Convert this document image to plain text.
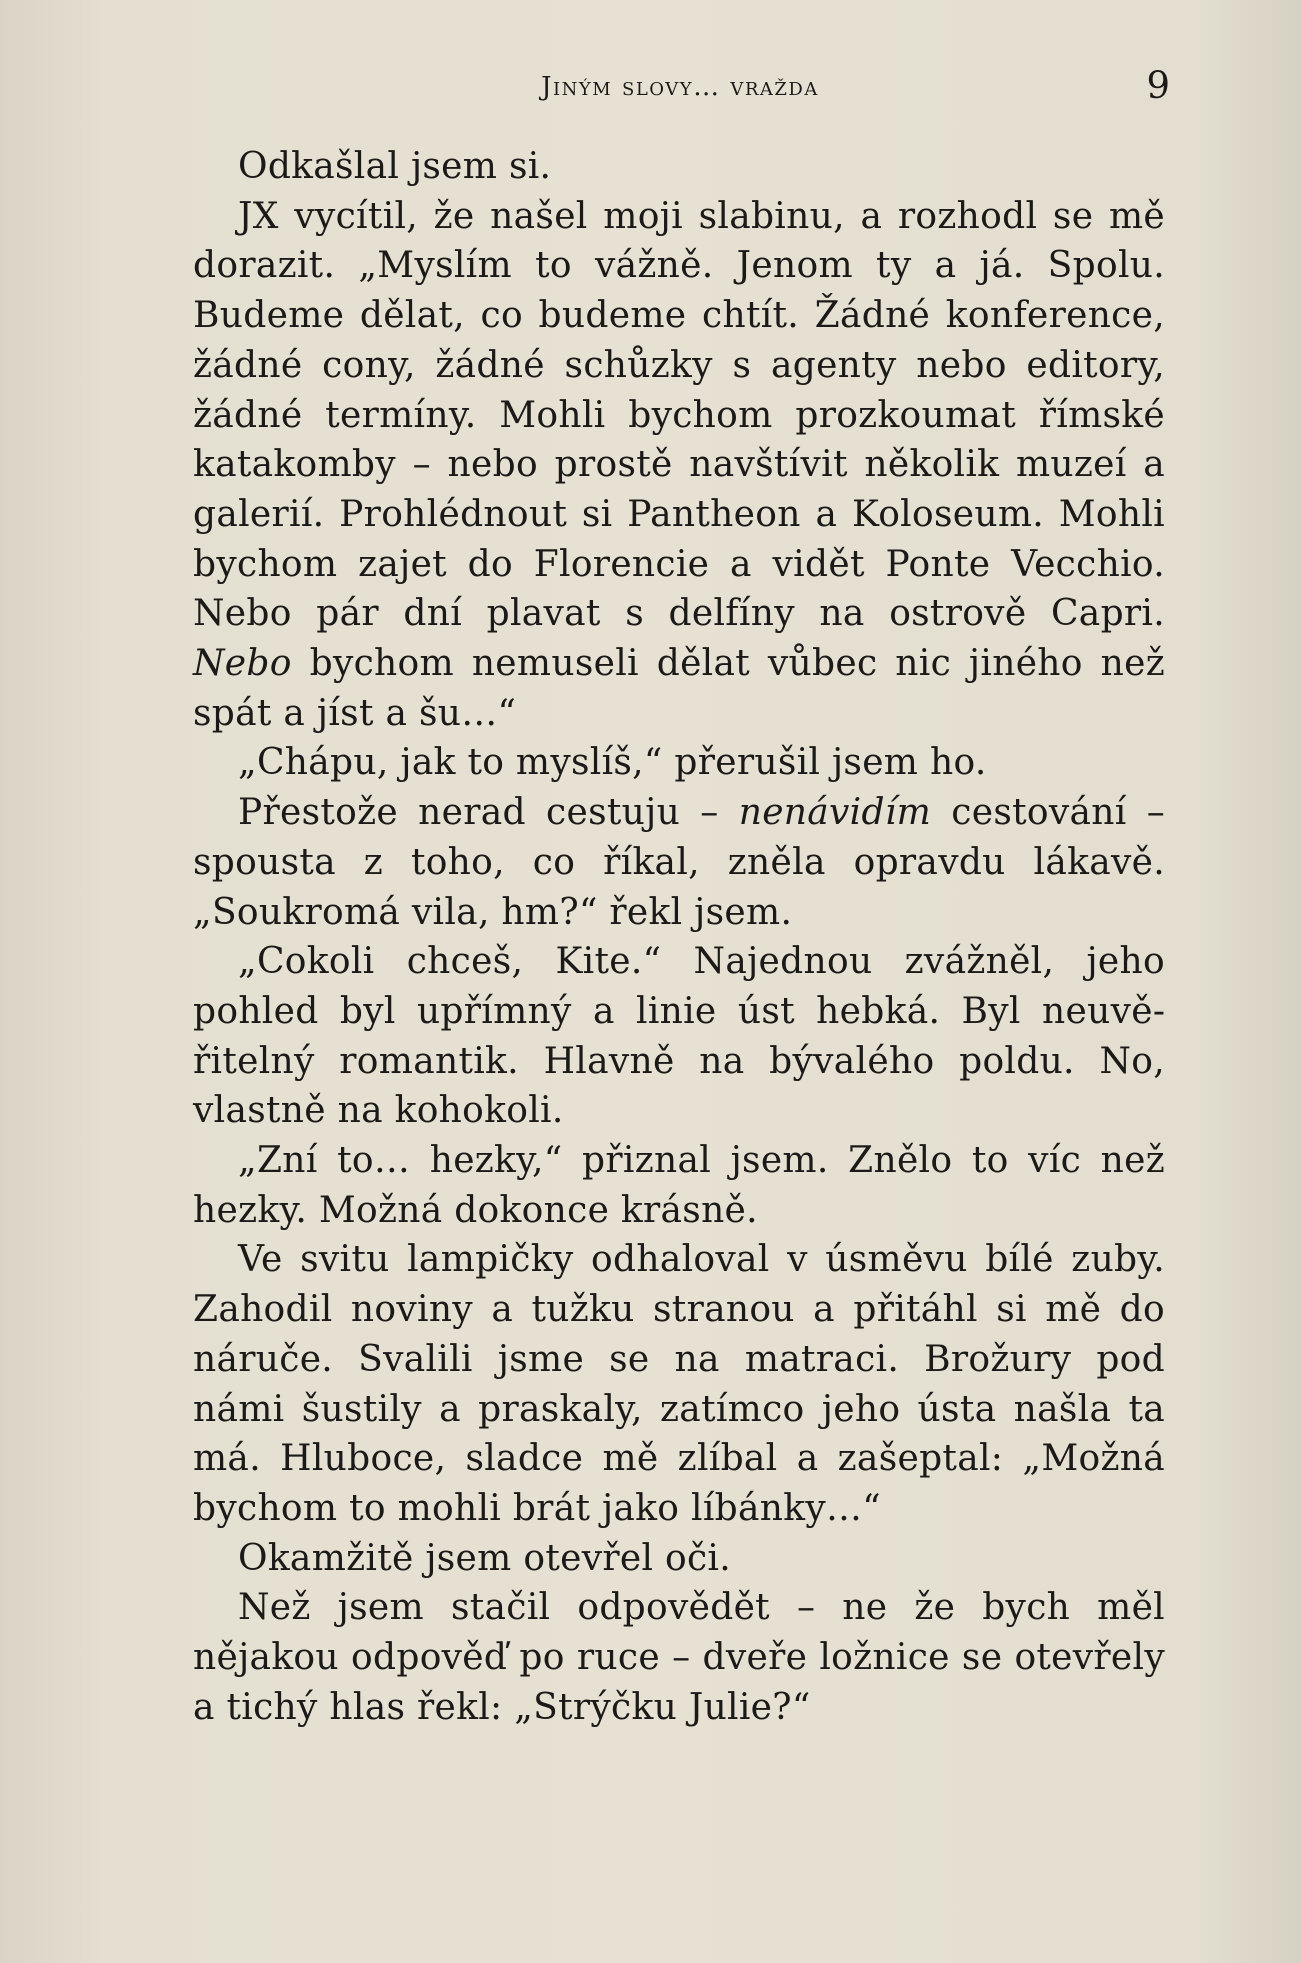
Jiným slovy… vražda	9

Odkašlal jsem si.

JX vycítil, že našel moji slabinu, a rozhodl se mě dorazit. „Myslím to vážně. Jenom ty a já. Spolu. Budeme dělat, co budeme chtít. Žádné konference, žádné cony, žádné schůzky s agenty nebo editory, žádné termíny. Mohli bychom prozkoumat římské katakomby – nebo prostě navštívit několik muzeí a galerií. Prohlédnout si Pantheon a Koloseum. Mohli bychom zajet do Florencie a vidět Ponte Vecchio. Nebo pár dní plavat s delfíny na ostrově Capri. Nebo bychom nemuseli dělat vůbec nic jiného než spát a jíst a šu…“

„Chápu, jak to myslíš,“ přerušil jsem ho.

Přestože nerad cestuju – nenávidím cestování – spousta z toho, co říkal, zněla opravdu lákavě. „Soukromá vila, hm?“ řekl jsem.

„Cokoli chceš, Kite.“ Najednou zvážněl, jeho pohled byl upřímný a linie úst hebká. Byl neuvěřitelný romantik. Hlavně na bývalého poldu. No, vlastně na kohokoli.

„Zní to… hezky,“ přiznal jsem. Znělo to víc než hezky. Možná dokonce krásně.

Ve svitu lampičky odhaloval v úsměvu bílé zuby. Zahodil noviny a tužku stranou a přitáhl si mě do náruče. Svalili jsme se na matraci. Brožury pod námi šustily a praskaly, zatímco jeho ústa našla ta má. Hluboce, sladce mě zlíbal a zašeptal: „Možná bychom to mohli brát jako líbánky…“

Okamžitě jsem otevřel oči.

Než jsem stačil odpovědět – ne že bych měl nějakou odpověď po ruce – dveře ložnice se otevřely a tichý hlas řekl: „Strýčku Julie?“
